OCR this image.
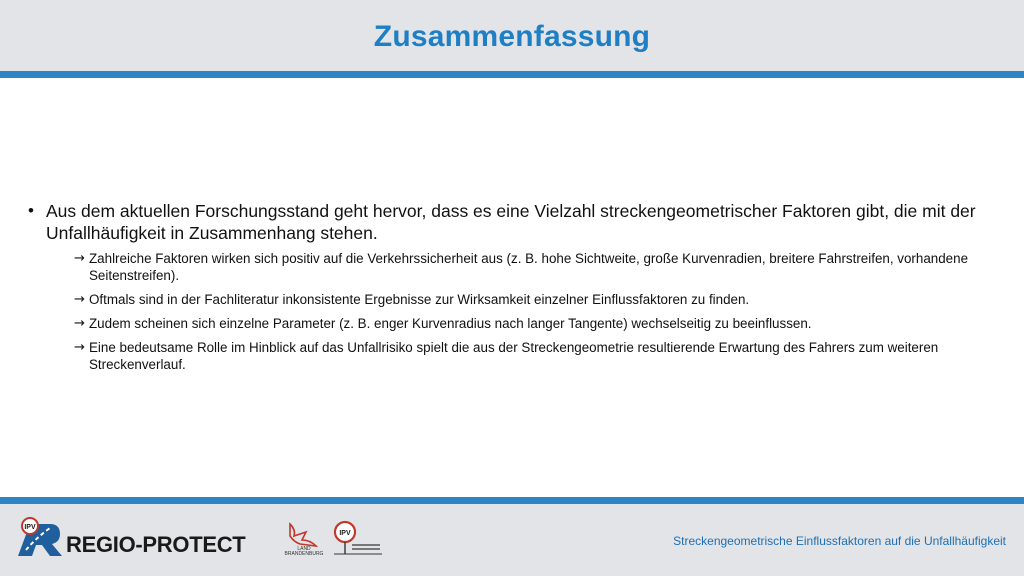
Zusammenfassung
• Aus dem aktuellen Forschungsstand geht hervor, dass es eine Vielzahl streckengeometrischer Faktoren gibt, die mit der Unfallhäufigkeit in Zusammenhang stehen.
→ Zahlreiche Faktoren wirken sich positiv auf die Verkehrssicherheit aus (z. B. hohe Sichtweite, große Kurvenradien, breitere Fahrstreifen, vorhandene Seitenstreifen).
→ Oftmals sind in der Fachliteratur inkonsistente Ergebnisse zur Wirksamkeit einzelner Einflussfaktoren zu finden.
→ Zudem scheinen sich einzelne Parameter (z. B. enger Kurvenradius nach langer Tangente) wechselseitig zu beeinflussen.
→ Eine bedeutsame Rolle im Hinblick auf das Unfallrisiko spielt die aus der Streckengeometrie resultierende Erwartung des Fahrers zum weiteren Streckenverlauf.
IPV
REGIO-PROTECT	LAND
BRANDENBURG
IPV
Streckengeometrische Einflussfaktoren auf die Unfallhäufigkeit
